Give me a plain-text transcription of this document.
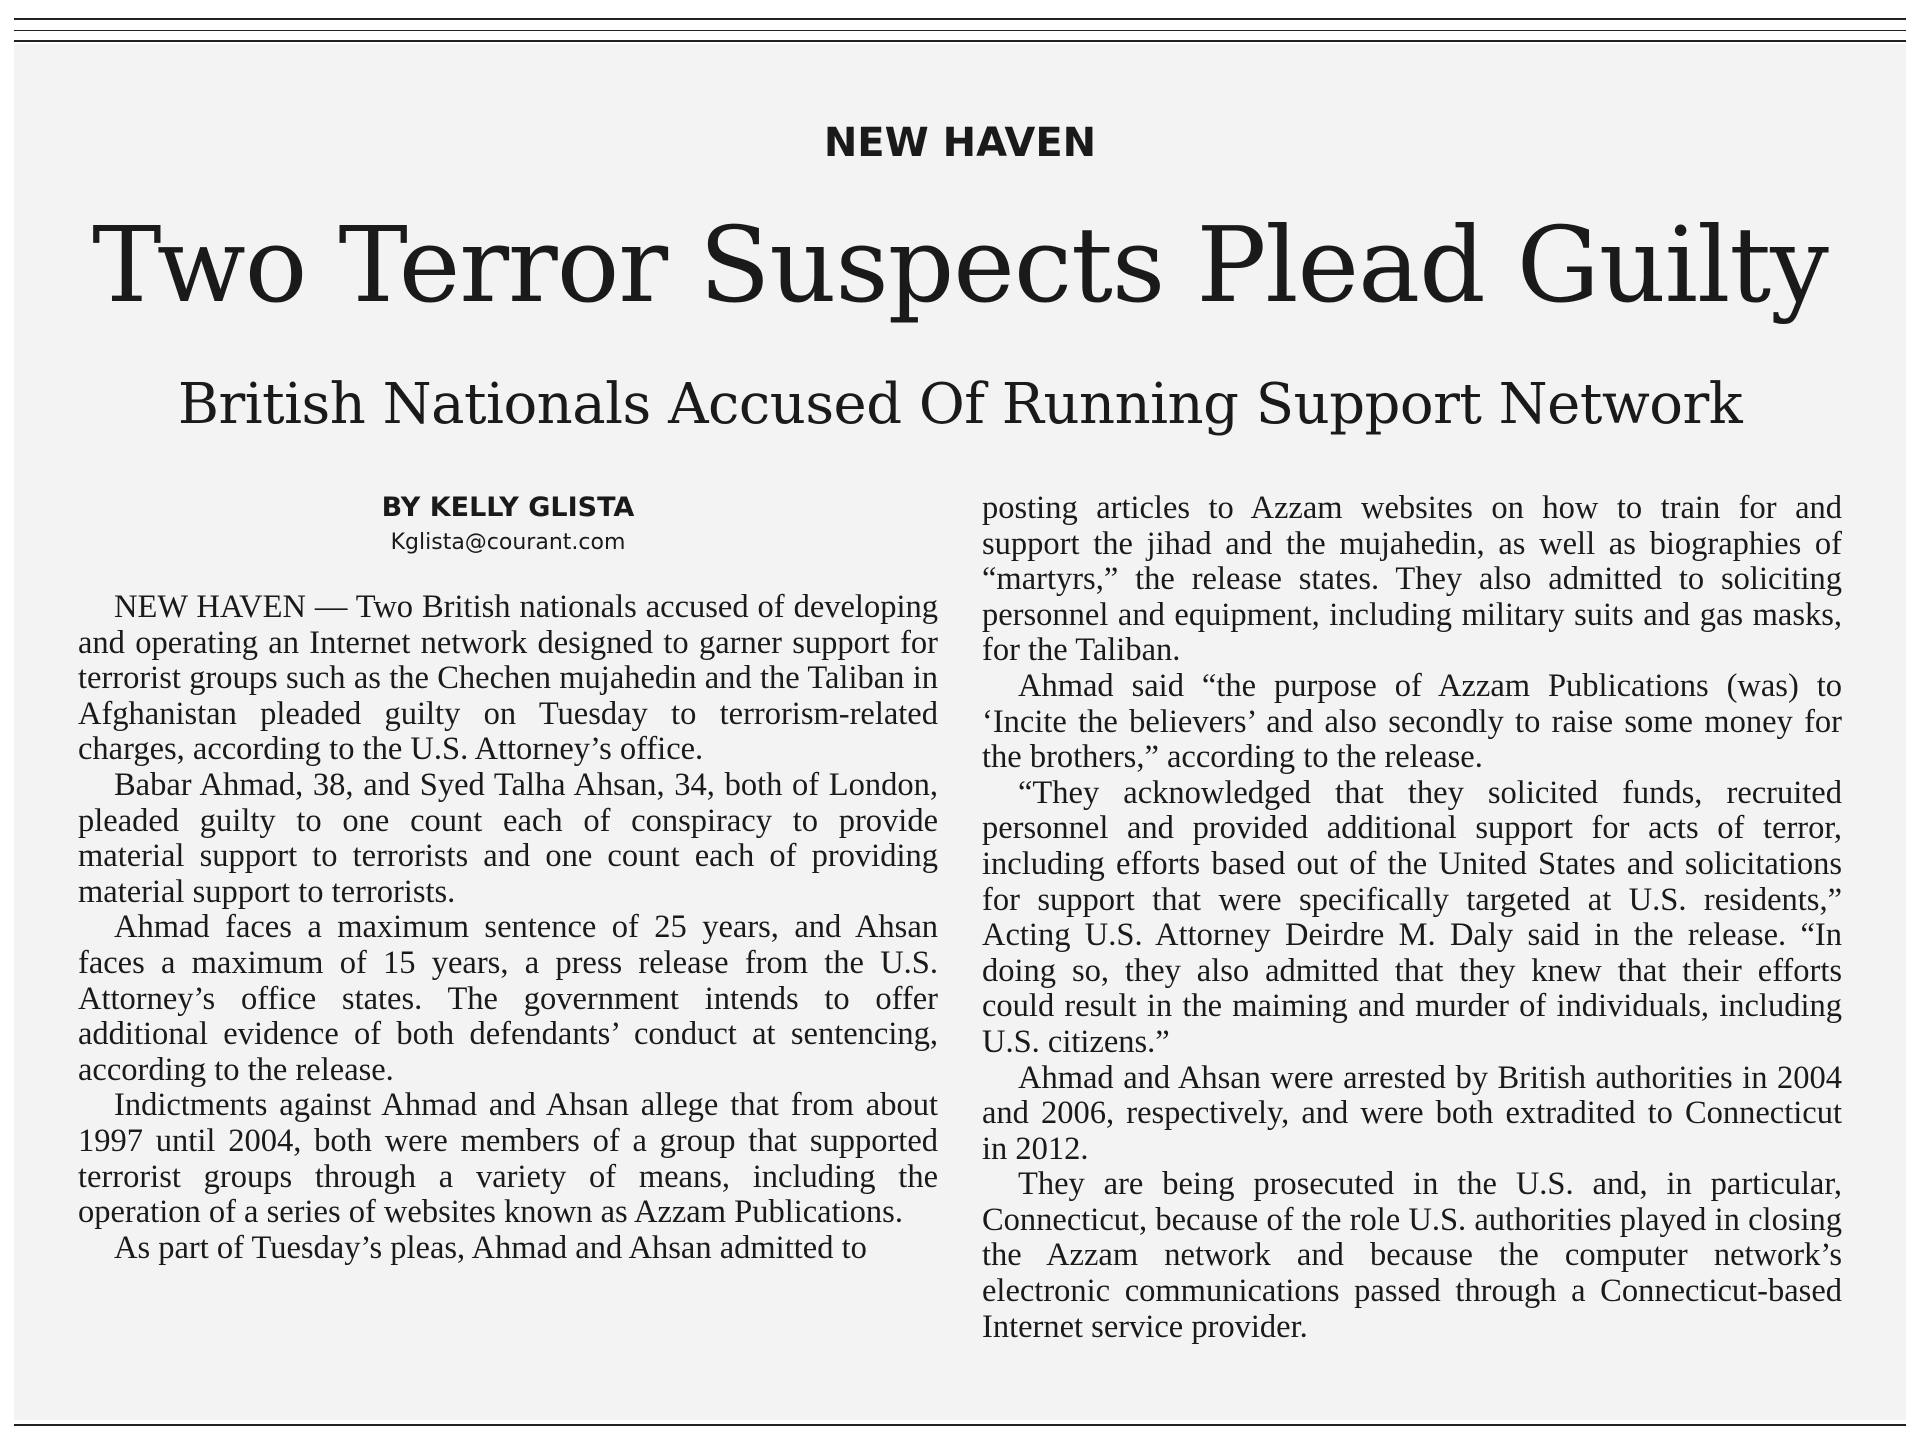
NEW HAVEN
Two Terror Suspects Plead Guilty
British Nationals Accused Of Running Support Network
BY KELLY GLISTA
Kglista@courant.com

NEW HAVEN — Two British nationals accused of developing and operating an Internet network designed to garner support for terrorist groups such as the Chechen mujahedin and the Taliban in Afghanistan pleaded guilty on Tuesday to terrorism-related charges, according to the U.S. Attorney’s office.

Babar Ahmad, 38, and Syed Talha Ahsan, 34, both of London, pleaded guilty to one count each of conspiracy to provide material support to terrorists and one count each of providing material support to terrorists.

Ahmad faces a maximum sentence of 25 years, and Ahsan faces a maximum of 15 years, a press release from the U.S. Attorney’s office states. The government intends to offer additional evidence of both defendants’ conduct at sentencing, according to the release.

Indictments against Ahmad and Ahsan allege that from about 1997 until 2004, both were members of a group that supported terrorist groups through a variety of means, including the operation of a series of websites known as Azzam Publications.

As part of Tuesday’s pleas, Ahmad and Ahsan admitted to

posting articles to Azzam websites on how to train for and support the jihad and the mujahedin, as well as biographies of “martyrs,” the release states. They also admitted to soliciting personnel and equipment, including military suits and gas masks, for the Taliban.

Ahmad said “the purpose of Azzam Publications (was) to ‘Incite the believers’ and also secondly to raise some money for the brothers,” according to the release.

“They acknowledged that they solicited funds, recruited personnel and provided additional support for acts of terror, including efforts based out of the United States and solicitations for support that were specifically targeted at U.S. residents,” Acting U.S. Attorney Deirdre M. Daly said in the release. “In doing so, they also admitted that they knew that their efforts could result in the maiming and murder of individuals, including U.S. citizens.”

Ahmad and Ahsan were arrested by British authorities in 2004 and 2006, respectively, and were both extradited to Connecticut in 2012.

They are being prosecuted in the U.S. and, in particular, Connecticut, because of the role U.S. authorities played in closing the Azzam network and because the computer network’s electronic communications passed through a Connecticut-based Internet service provider.
